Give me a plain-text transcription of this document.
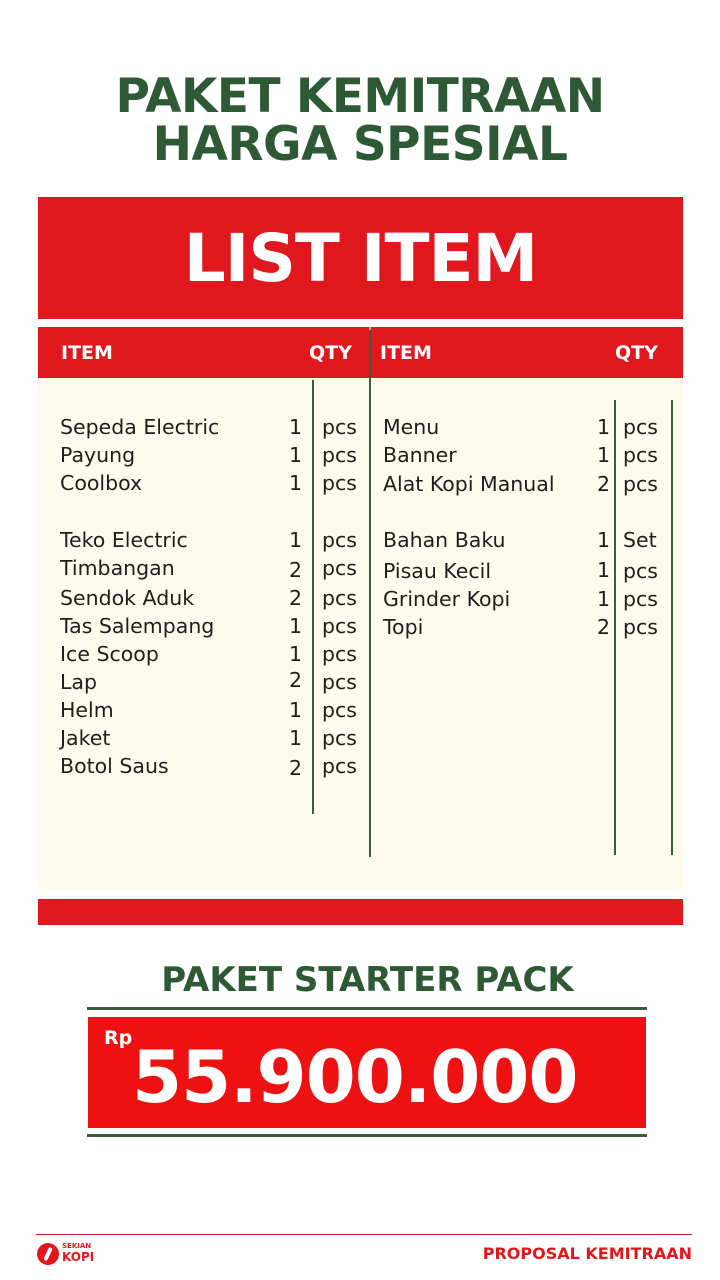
PAKET KEMITRAAN
HARGA SPESIAL
LIST ITEM
ITEM	QTY ITEM	QTY
Sepeda Electric	1 pcs
Payung	1 pcs
Coolbox	1 pcs
Teko Electric	1 pcs
Timbangan	2 pcs
Sendok Aduk	2 pcs
Tas Salempang	1 pcs
Ice Scoop	1 pcs
Lap	2 pcs
Helm	1 pcs
Jaket	1 pcs
Botol Saus	2 pcs
Menu	1 pcs
Banner	1 pcs
Alat Kopi Manual	2 pcs
Bahan Baku	1 Set
Pisau Kecil	1 pcs
Grinder Kopi	1 pcs
Topi	2 pcs
PAKET STARTER PACK
Rp 55.900.000
SEKIAN
KOPI	PROPOSAL KEMITRAAN
